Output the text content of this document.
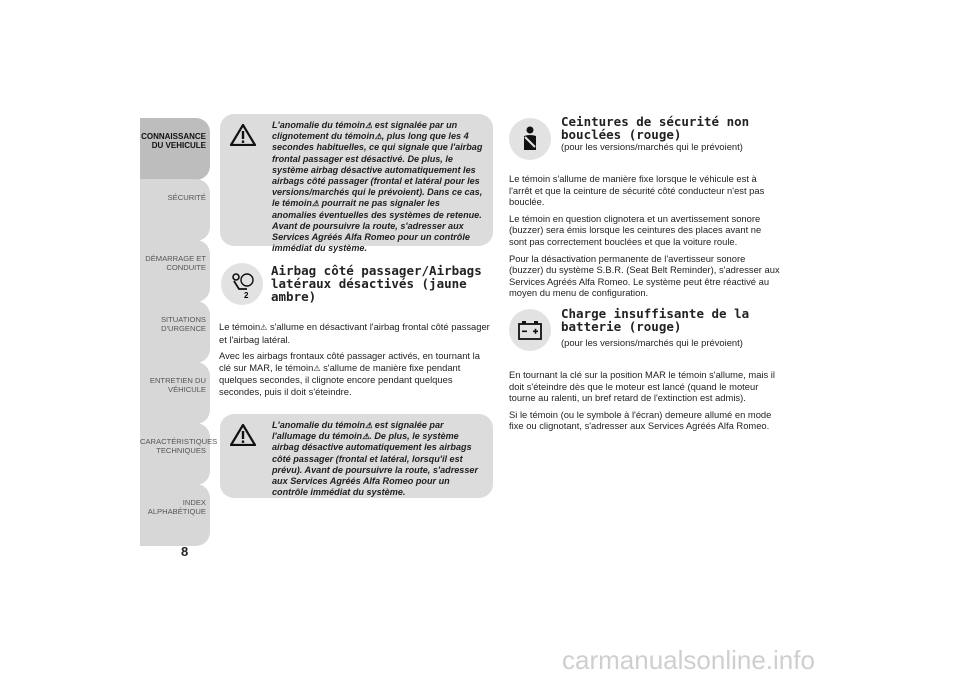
CONNAISSANCE
DU VEHICULE
SÉCURITÉ
DÉMARRAGE ET
CONDUITE
SITUATIONS
D'URGENCE
ENTRETIEN DU
VÉHICULE
CARACTÉRISTIQUES
TECHNIQUES
INDEX
ALPHABÉTIQUE
8

L'anomalie du témoin⚠ est signalée par un clignotement du témoin⚠, plus long que les 4 secondes habituelles, ce qui signale que l'airbag frontal passager est désactivé. De plus, le système airbag désactive automatiquement les airbags côté passager (frontal et latéral pour les versions/marchés qui le prévoient). Dans ce cas, le témoin⚠ pourrait ne pas signaler les anomalies éventuelles des systèmes de retenue. Avant de poursuivre la route, s'adresser aux Services Agréés Alfa Romeo pour un contrôle immédiat du système.

2
Airbag côté passager/Airbags latéraux désactivés (jaune ambre)

Le témoin⚠ s'allume en désactivant l'airbag frontal côté passager et l'airbag latéral.

Avec les airbags frontaux côté passager activés, en tournant la clé sur MAR, le témoin⚠ s'allume de manière fixe pendant quelques secondes, il clignote encore pendant quelques secondes, puis il doit s'éteindre.

L'anomalie du témoin⚠ est signalée par l'allumage du témoin⚠. De plus, le système airbag désactive automatiquement les airbags côté passager (frontal et latéral, lorsqu'il est prévu). Avant de poursuivre la route, s'adresser aux Services Agréés Alfa Romeo pour un contrôle immédiat du système.

Ceintures de sécurité non bouclées (rouge)
(pour les versions/marchés qui le prévoient)

Le témoin s'allume de manière fixe lorsque le véhicule est à l'arrêt et que la ceinture de sécurité côté conducteur n'est pas bouclée.

Le témoin en question clignotera et un avertissement sonore (buzzer) sera émis lorsque les ceintures des places avant ne sont pas correctement bouclées et que la voiture roule.

Pour la désactivation permanente de l'avertisseur sonore (buzzer) du système S.B.R. (Seat Belt Reminder), s'adresser aux Services Agréés Alfa Romeo. Le système peut être réactivé au moyen du menu de configuration.

Charge insuffisante de la batterie (rouge)
(pour les versions/marchés qui le prévoient)

En tournant la clé sur la position MAR le témoin s'allume, mais il doit s'éteindre dès que le moteur est lancé (quand le moteur tourne au ralenti, un bref retard de l'extinction est admis).

Si le témoin (ou le symbole à l'écran) demeure allumé en mode fixe ou clignotant, s'adresser aux Services Agréés Alfa Romeo.

carmanualsonline.info
